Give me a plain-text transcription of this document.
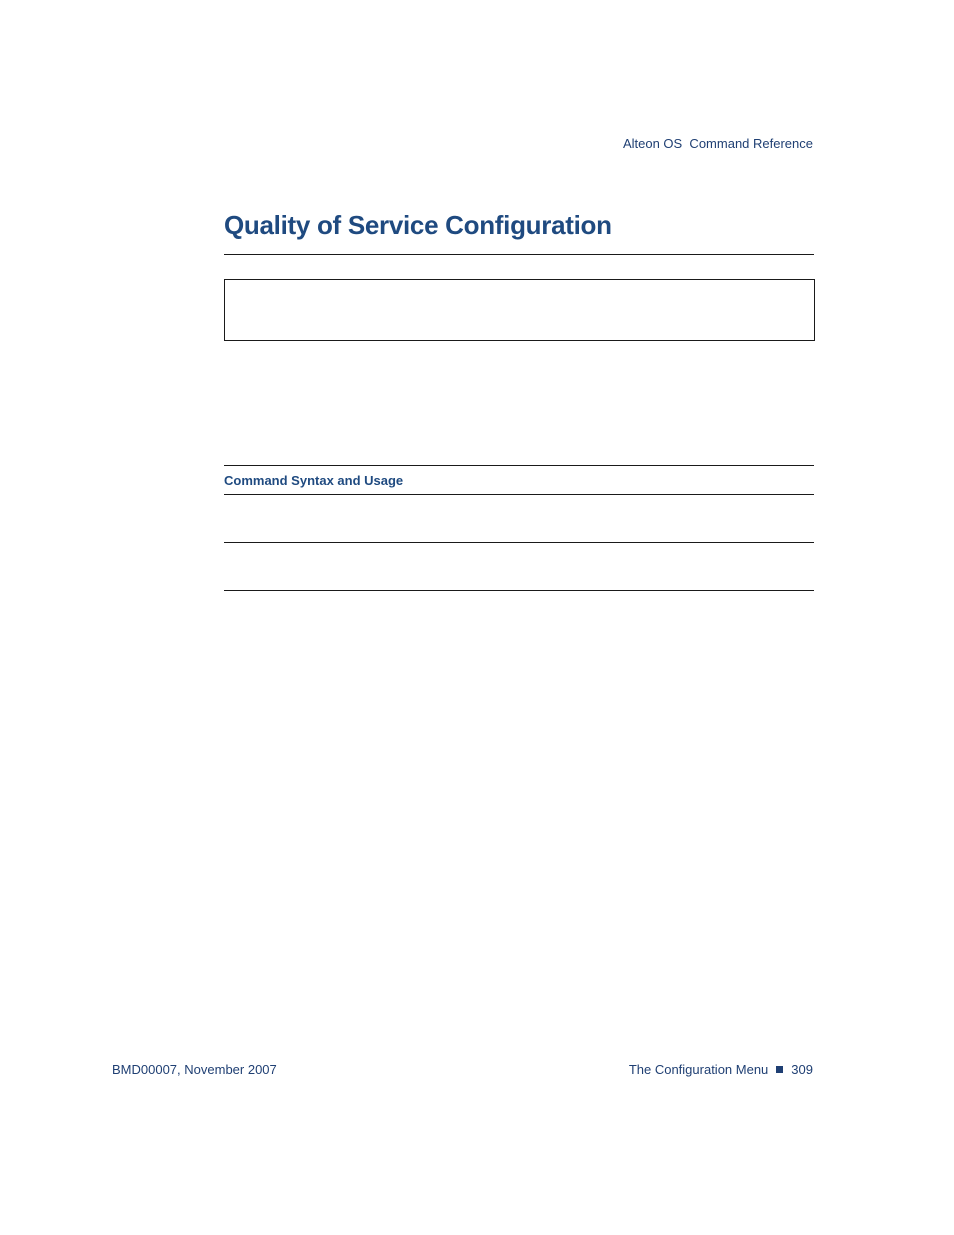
Alteon OS  Command Reference
Quality of Service Configuration
Command Syntax and Usage
BMD00007, November 2007	The Configuration Menu 309
